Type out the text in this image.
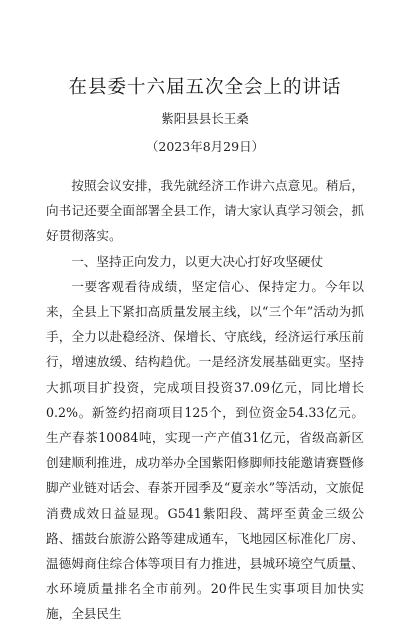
在县委十六届五次全会上的讲话
紫阳县县长王桑
（2023年8月29日）

按照会议安排，我先就经济工作讲六点意见。稍后，向书记还要全面部署全县工作，请大家认真学习领会，抓好贯彻落实。

一、坚持正向发力，以更大决心打好攻坚硬仗

一要客观看待成绩，坚定信心、保持定力。今年以来，全县上下紧扣高质量发展主线，以“三个年”活动为抓手，全力以赴稳经济、保增长、守底线，经济运行承压前行，增速放缓、结构趋优。一是经济发展基础更实。坚持大抓项目扩投资，完成项目投资37.09亿元，同比增长0.2%。新签约招商项目125个，到位资金54.33亿元。生产春茶10084吨，实现一产产值31亿元，省级高新区创建顺利推进，成功举办全国紫阳修脚师技能邀请赛暨修脚产业链对话会、春茶开园季及“夏亲水”等活动，文旅促消费成效日益显现。G541紫阳段、蒿坪至黄金三级公路、擂鼓台旅游公路等建成通车，飞地园区标准化厂房、温德姆商住综合体等项目有力推进，县城环境空气质量、水环境质量排名全市前列。20件民生实事项目加快实施，全县民生
